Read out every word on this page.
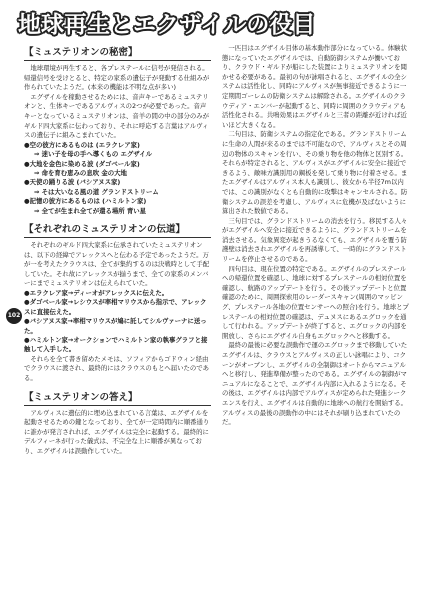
地球再生とエクザイルの役目
102
【ミュステリオンの秘密】

地球環境が再生すると、各プレステールに信号が発信される。帰還信号を受けとると、特定の家系の遺伝子が発動する仕組みが作られていたようだ。(本来の機能は不明な点が多い)

エグザイルを稼動させるためには、音声キーであるミュステリオンと、生体キーであるアルヴィスの2つが必要であった。音声キーとなっているミュステリオンは、音羊の間の中の部分のみがギルド四大家系に伝わっており、それに呼応する言葉はアルヴィスの遺伝子に組みこまれていた。

●空の彼方にあるものは (エラクレア家)
⇒ 迷い子を母の手へ導くもの エグザイル
●大地を金色に染める波 (ダゴベール家)
⇒ 命を育む恵みの息吹 金の大地
●天使の踊りる波 (バシアヌス家)
⇒ そは大いなる風の道 グランドストリーム
●記憶の彼方にあるものは (ハミルトン家)
⇒ 全てが生まれ全てが還る場所 青い星
【それぞれのミュステリオンの伝道】

それぞれのギルド四大家系に伝承されていたミュステリオンは、以下の経緯でアレックスへと伝わる予定であったようだ。万が一を考えたクラウスは、全てが集約するのは決戦時として手配していた。それ故にアレックスが揃うまで、全ての家系のメンバーにまでミュステリオンは伝えられていた。

●エラクレア家→ディーオがアレックスに伝えた。
●ダゴベール家→レシウスが率相マリウスから指示で、アレックスに直接伝えた。
●バシアヌス家→率相マリウスが鳩に託してシルヴァーナに送った。
●ハミルトン家→オークションでハミルトン家の執事グラフと接触して入手した。

それらを全て書き留めたメモは、ソフィアからゴドウィン経由でクラウスに渡され、最終的にはクラウスのもとへ届いたのである。

【ミュステリオンの答え】

アルヴィスに遺伝的に埋め込まれている言葉は、エグザイルを起動させるための鍵となっており、全てが一定時間内に順番通りに誰かが発言されれば、エグザイルは完全に起動する。最終的にデルフィーネが行った儀式は、不完全な上に順番が異なっており、エグザイルは誤動作していた。

一匹目はエグザイル目体の基本動作部分になっている。体験状態になっていたエグザイルでは、自動防御システムが働いており、クラウド・ギルドが船にした装置によりミュステリオンを聞かせる必要がある。最初の句が詠唱されると、エグザイルの全システムは活性化し、同時にアルヴィスが無事接近できるように一定期間ゴーレムの防衛システムは解除される。エグザイルのクラウディア・エンバーが起動すると、同時に周囲のクラウディアも活性化される。共鳴効果はエグザイルと三者の距離が近ければ近いほど大きくなる。

二句目は、防衛システムの指定化である。グランドストリームに生命の人間が来るのまでは不可能なので、アルヴィスとその周辺の物体のスキャンを行い、その乗り物を他の物体と区別する。それらが特定されると、アルヴィスがエグザイルに安全に接近できるよう、敵味方識別用の鋼板を発して乗り物に付着させる。またエグザイルはアルヴィス本人も識別し、彼女から半径7m以内では、この識別がなくとも自動的に攻撃はキャンセルされる。防衛システムの誤差を考慮し、アルヴィスに危機が及ばないように算出された数値である。

三句目では、グランドストリームの消去を行う。移民する人々がエグザイルへ安全に接近できるように、グランドストリームを消去させる。気象異変が起きうるなくても、エグザイルを覆う防護壁は消去されエグザイルを再誘導して、一時的にグランドストリームを停止させるのである。

四句目は、現在位置の特定である。エグザイルのプレステールへの帰還位置を確認し、地球に対するプレステールの相対位置を確認し、航路のアップデートを行う。その後アップデートと位置確認のために、周囲探索用のレーダースキャン(周囲のマッピング、プレステール各地の位置センサーへの照合)を行う。地球とプレステールの相対位置の確認は、デュヌスにあるエグロックを通して行われる。アップデートが終了すると、エグロックの内部を開放し、さらにエグザイル自身もエグロックへと移動する。

最終の最後に必要な誤動作で運のエグロックまで移動していたエグザイルは、クラウスとアルヴィスの正しい詠唱により、コクーンがオーブンし、エグザイルの全制御はオートからマニュアルへと移行し、発進準備が整ったのである。エグザイルの制御がマニュアルになることで、エグザイル内部に入れるようになる。その後は、エグザイルは内部でアルヴィスが定められた発進シークエンスを行え、エグザイルは自動的に地球への航行を開始する。アルヴィスの最後の誤動作の中にはそれが刷り込まれていたのだ。
